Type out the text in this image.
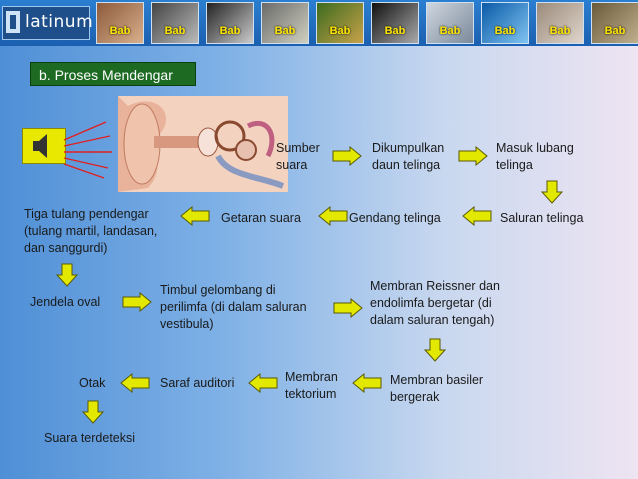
latinum	Bab	Bab	Bab	Bab	Bab	Bab	Bab	Bab	Bab	Bab
b. Proses Mendengar
Sumber
suara
Dikumpulkan
daun telinga
Masuk lubang
telinga
Saluran telinga
Gendang telinga
Getaran suara
Tiga tulang pendengar
(tulang martil, landasan,
dan sanggurdi)
Jendela oval
Timbul gelombang di
perilimfa (di dalam saluran
vestibula)
Membran Reissner dan
endolimfa bergetar (di
dalam saluran tengah)
Membran basiler
bergerak
Membran
tektorium
Saraf auditori
Otak
Suara terdeteksi
